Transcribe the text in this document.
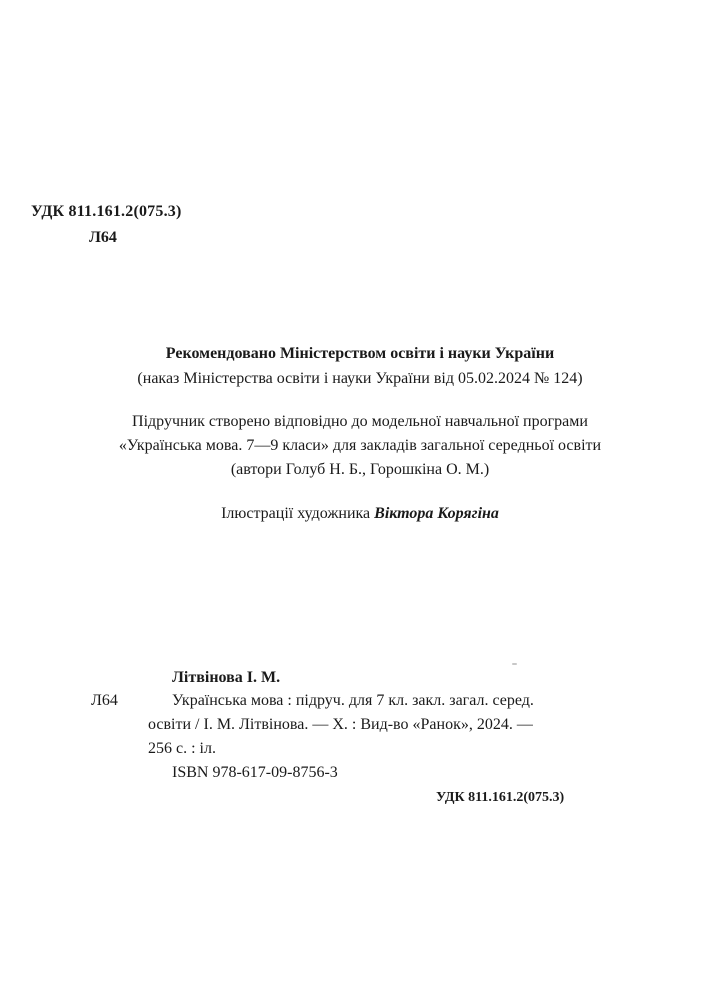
УДК 811.161.2(075.3)
Л64
Рекомендовано Міністерством освіти і науки України
(наказ Міністерства освіти і науки України від 05.02.2024 № 124)
Підручник створено відповідно до модельної навчальної програми
«Українська мова. 7—9 класи» для закладів загальної середньої освіти
(автори Голуб Н. Б., Горошкіна О. М.)
Ілюстрації художника Віктора Корягіна
Літвінова І. М.
Л64	Українська мова : підруч. для 7 кл. закл. загал. серед.
освіти / І. М. Літвінова. — Х. : Вид-во «Ранок», 2024. —
256 с. : іл.
ISBN 978-617-09-8756-3
УДК 811.161.2(075.3)
